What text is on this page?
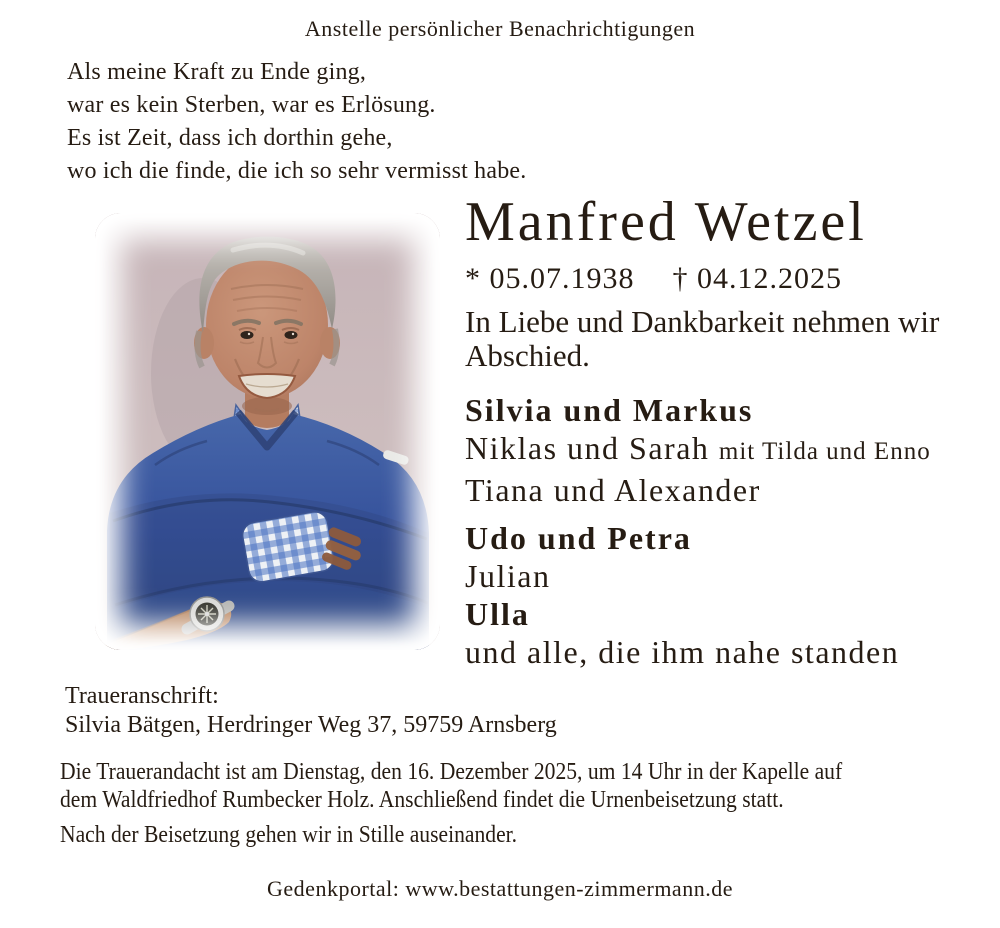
Anstelle persönlicher Benachrichtigungen
Als meine Kraft zu Ende ging,
war es kein Sterben, war es Erlösung.
Es ist Zeit, dass ich dorthin gehe,
wo ich die finde, die ich so sehr vermisst habe.
Manfred Wetzel
* 05.07.1938 † 04.12.2025
In Liebe und Dankbarkeit nehmen wir
Abschied.
Silvia und Markus
Niklas und Sarah mit Tilda und Enno
Tiana und Alexander
Udo und Petra
Julian
Ulla
und alle, die ihm nahe standen
Traueranschrift:
Silvia Bätgen, Herdringer Weg 37, 59759 Arnsberg
Die Trauerandacht ist am Dienstag, den 16. Dezember 2025, um 14 Uhr in der Kapelle auf
dem Waldfriedhof Rumbecker Holz. Anschließend findet die Urnenbeisetzung statt.
Nach der Beisetzung gehen wir in Stille auseinander.
Gedenkportal: www.bestattungen-zimmermann.de
